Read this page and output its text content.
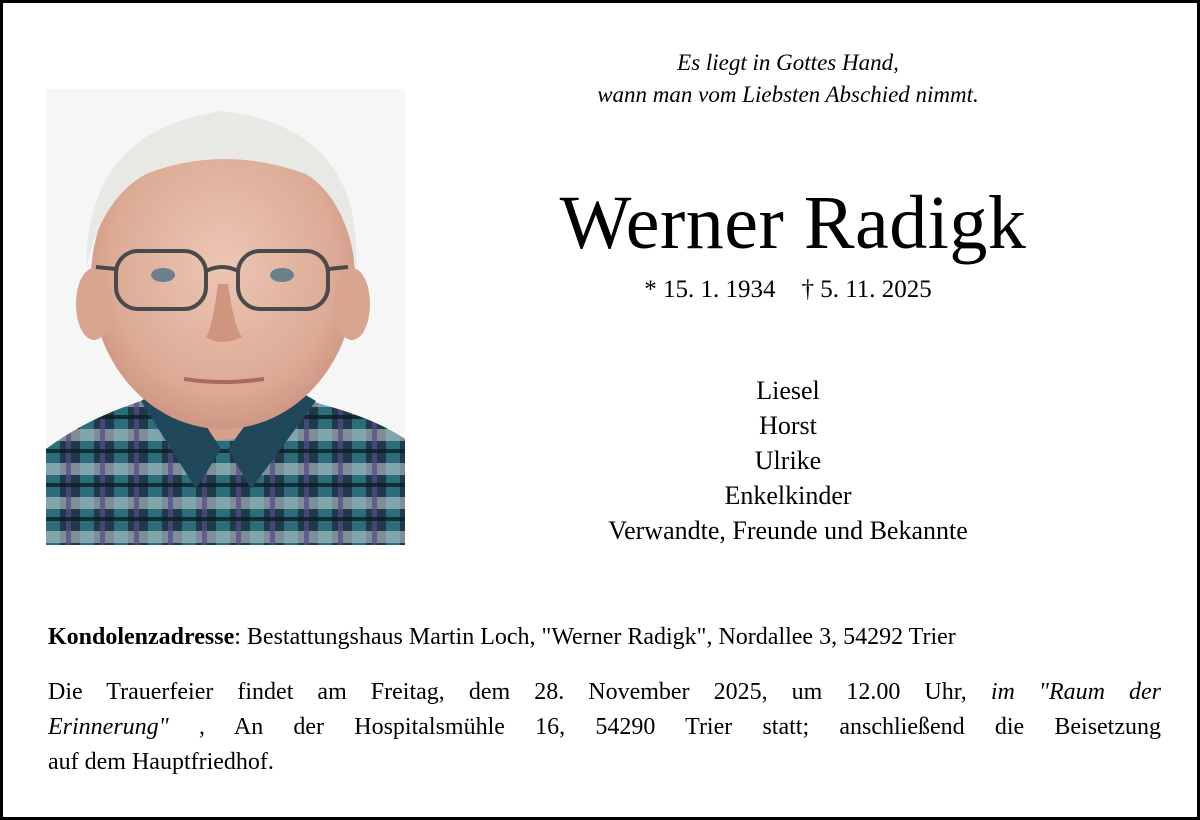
Es liegt in Gottes Hand,
wann man vom Liebsten Abschied nimmt.
Werner Radigk
* 15. 1. 1934 † 5. 11. 2025
Liesel
Horst
Ulrike
Enkelkinder
Verwandte, Freunde und Bekannte
Kondolenzadresse: Bestattungshaus Martin Loch, "Werner Radigk", Nordallee 3, 54292 Trier
Die Trauerfeier findet am Freitag, dem 28. November 2025, um 12.00 Uhr, im "Raum der
Erinnerung" , An der Hospitalsmühle 16, 54290 Trier statt; anschließend die Beisetzung
auf dem Hauptfriedhof.
